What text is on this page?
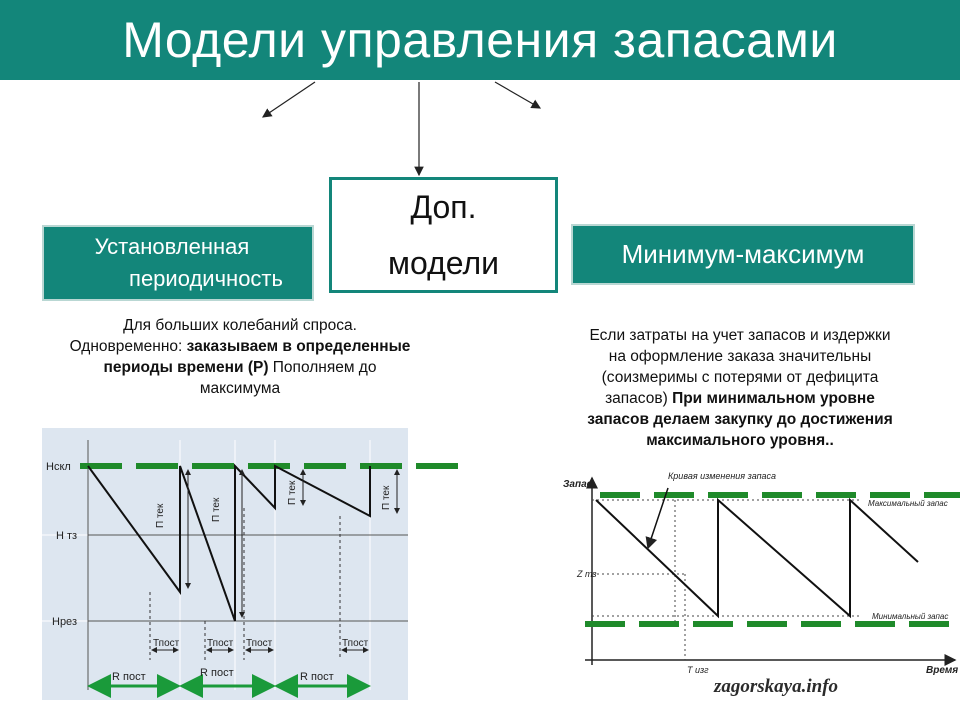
Модели управления запасами
Установленная
периодичность
Доп.
модели	Минимум-максимум
Для больших колебаний спроса.
Одновременно: заказываем в определенные
периоды времени (Р) Пополняем до
максимума
Если затраты на учет запасов и издержки
на оформление заказа значительны
(соизмеримы с потерями от дефицита
запасов) При минимальном уровне
запасов делаем закупку до достижения
максимального уровня..
Нскл
Н тз
Нрез
П тек	П тек
П тек	П тек
Тпост	Тпост Тпост	Тпост
R пост	R пост	R пост
Запас
Время
Кривая изменения запаса
Максимальный запас
Минимальный запас
Z тз
Т изг
zagorskaya.info
